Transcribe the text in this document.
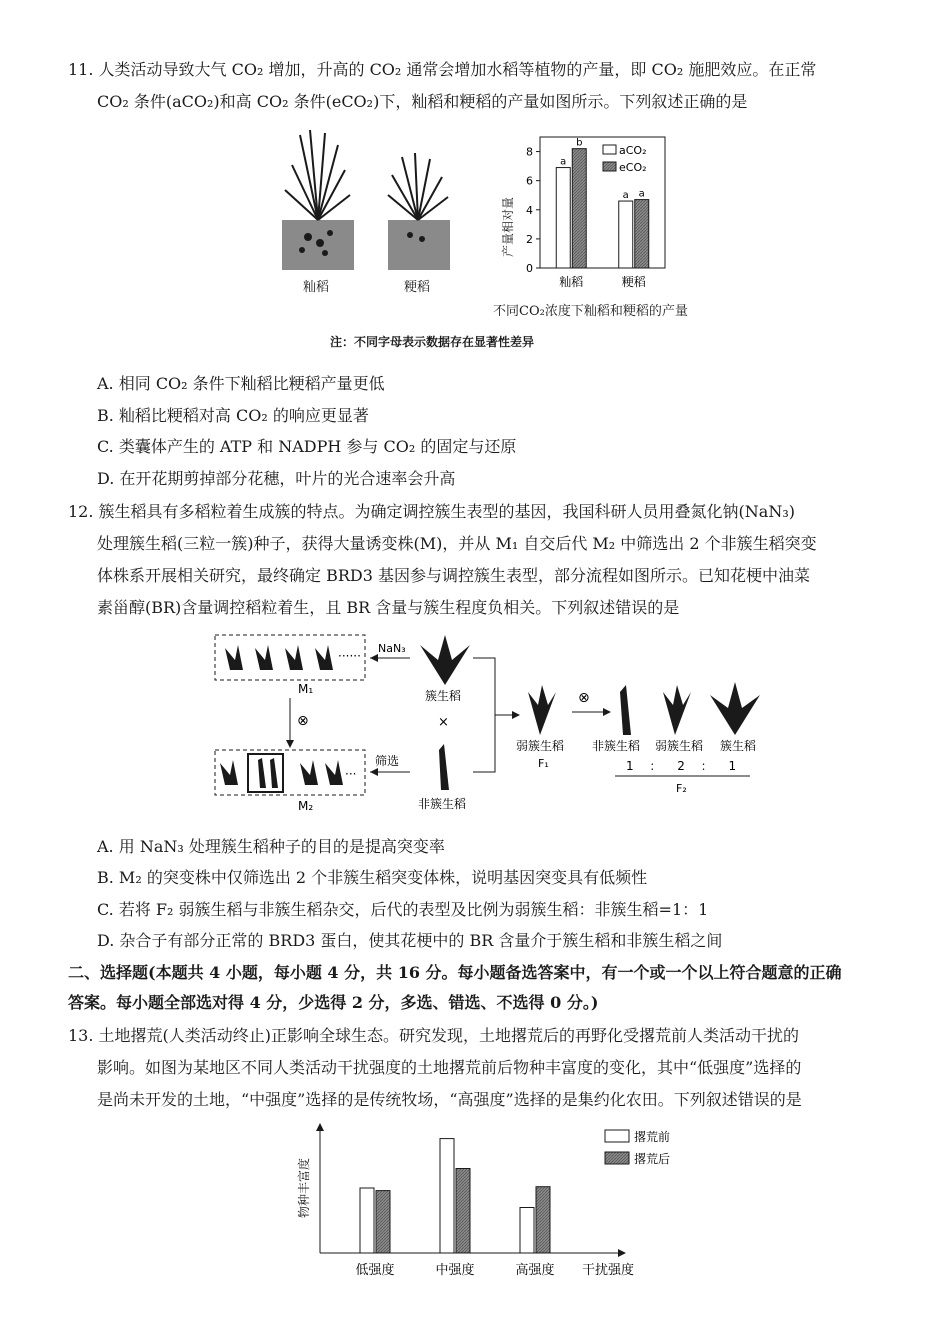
11. 人类活动导致大气 CO₂ 增加，升高的 CO₂ 通常会增加水稻等植物的产量，即 CO₂ 施肥效应。在正常
CO₂ 条件(aCO₂)和高 CO₂ 条件(eCO₂)下，籼稻和粳稻的产量如图所示。下列叙述正确的是
籼稻	粳稻
产量相对量
0
2
4
6
8
籼稻	粳稻
a
b
a a
aCO₂
eCO₂
不同CO₂浓度下籼稻和粳稻的产量
注：不同字母表示数据存在显著性差异
A. 相同 CO₂ 条件下籼稻比粳稻产量更低
B. 籼稻比粳稻对高 CO₂ 的响应更显著
C. 类囊体产生的 ATP 和 NADPH 参与 CO₂ 的固定与还原
D. 在开花期剪掉部分花穗，叶片的光合速率会升高
12. 簇生稻具有多稻粒着生成簇的特点。为确定调控簇生表型的基因，我国科研人员用叠氮化钠(NaN₃)
处理簇生稻(三粒一簇)种子，获得大量诱变株(M)，并从 M₁ 自交后代 M₂ 中筛选出 2 个非簇生稻突变
体株系开展相关研究，最终确定 BRD3 基因参与调控簇生表型，部分流程如图所示。已知花梗中油菜
素甾醇(BR)含量调控稻粒着生，且 BR 含量与簇生程度负相关。下列叙述错误的是
······
NaN₃
簇生稻
×
M₁
⊗
···
M₂
筛选
非簇生稻
弱簇生稻
F₁
⊗
非簇生稻 弱簇生稻 簇生稻
1 ： 2 ： 1
F₂
A. 用 NaN₃ 处理簇生稻种子的目的是提高突变率
B. M₂ 的突变株中仅筛选出 2 个非簇生稻突变体株，说明基因突变具有低频性
C. 若将 F₂ 弱簇生稻与非簇生稻杂交，后代的表型及比例为弱簇生稻：非簇生稻=1：1
D. 杂合子有部分正常的 BRD3 蛋白，使其花梗中的 BR 含量介于簇生稻和非簇生稻之间
二、选择题(本题共 4 小题，每小题 4 分，共 16 分。每小题备选答案中，有一个或一个以上符合题意的正确
答案。每小题全部选对得 4 分，少选得 2 分，多选、错选、不选得 0 分。)
13. 土地撂荒(人类活动终止)正影响全球生态。研究发现，土地撂荒后的再野化受撂荒前人类活动干扰的
影响。如图为某地区不同人类活动干扰强度的土地撂荒前后物种丰富度的变化，其中“低强度”选择的
是尚未开发的土地，“中强度”选择的是传统牧场，“高强度”选择的是集约化农田。下列叙述错误的是
物种丰富度
干扰强度
低强度	中强度	高强度
撂荒前
撂荒后
